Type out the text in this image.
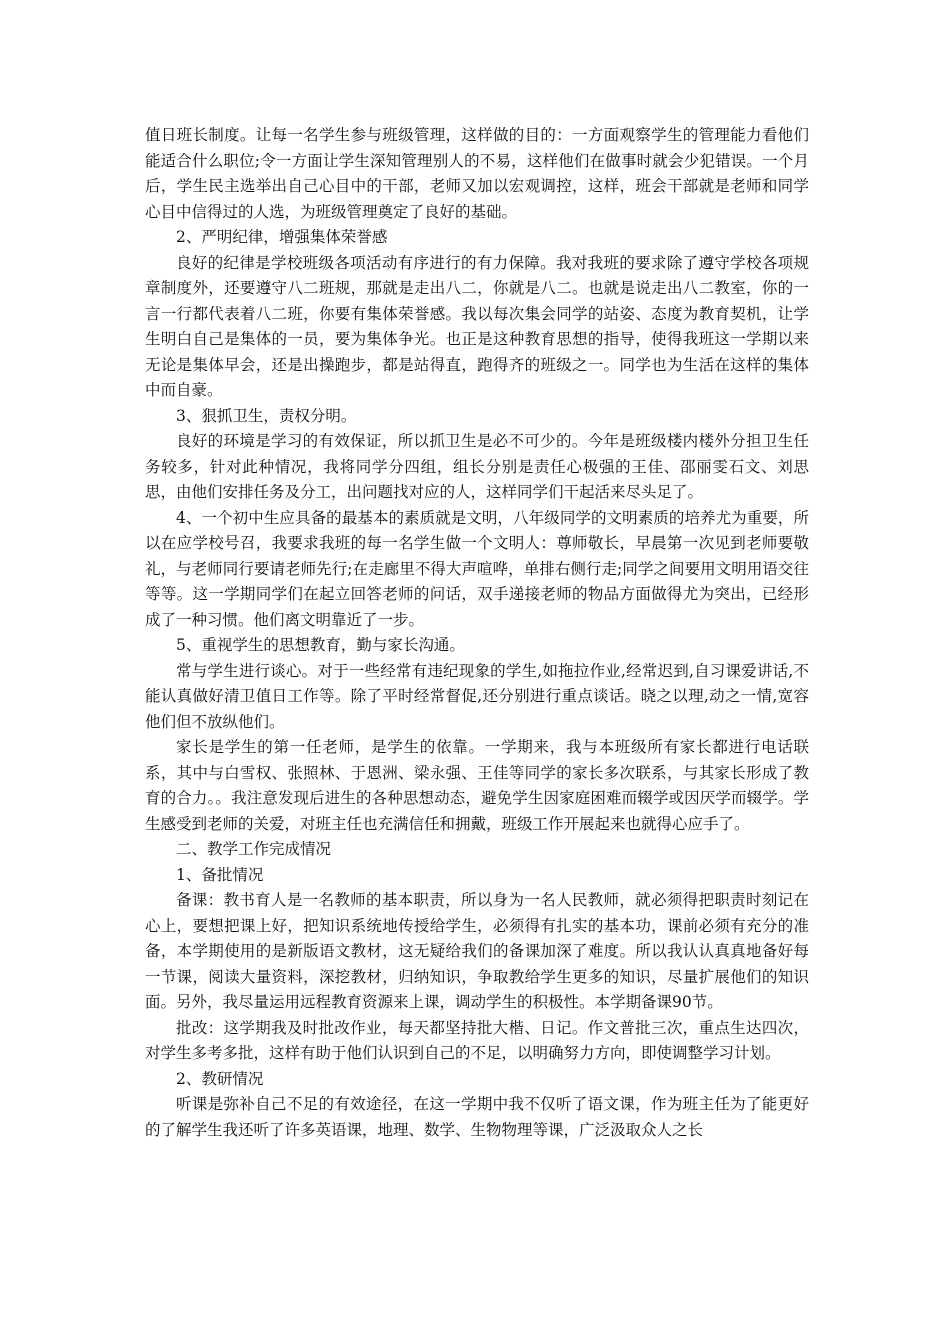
值日班长制度。让每一名学生参与班级管理，这样做的目的：一方面观察学生的管理能力看他们能适合什么职位;令一方面让学生深知管理别人的不易，这样他们在做事时就会少犯错误。一个月后，学生民主选举出自己心目中的干部，老师又加以宏观调控，这样，班会干部就是老师和同学心目中信得过的人选，为班级管理奠定了良好的基础。

2、严明纪律，增强集体荣誉感

良好的纪律是学校班级各项活动有序进行的有力保障。我对我班的要求除了遵守学校各项规章制度外，还要遵守八二班规，那就是走出八二，你就是八二。也就是说走出八二教室，你的一言一行都代表着八二班，你要有集体荣誉感。我以每次集会同学的站姿、态度为教育契机，让学生明白自己是集体的一员，要为集体争光。也正是这种教育思想的指导，使得我班这一学期以来无论是集体早会，还是出操跑步，都是站得直，跑得齐的班级之一。同学也为生活在这样的集体中而自豪。

3、狠抓卫生，责权分明。

良好的环境是学习的有效保证，所以抓卫生是必不可少的。今年是班级楼内楼外分担卫生任务较多，针对此种情况，我将同学分四组，组长分别是责任心极强的王佳、邵丽雯石文、刘思思，由他们安排任务及分工，出问题找对应的人，这样同学们干起活来尽头足了。

4、一个初中生应具备的最基本的素质就是文明，八年级同学的文明素质的培养尤为重要，所以在应学校号召，我要求我班的每一名学生做一个文明人：尊师敬长，早晨第一次见到老师要敬礼，与老师同行要请老师先行;在走廊里不得大声喧哗，单排右侧行走;同学之间要用文明用语交往等等。这一学期同学们在起立回答老师的问话，双手递接老师的物品方面做得尤为突出，已经形成了一种习惯。他们离文明靠近了一步。

5、重视学生的思想教育，勤与家长沟通。

常与学生进行谈心。对于一些经常有违纪现象的学生,如拖拉作业,经常迟到,自习课爱讲话,不能认真做好清卫值日工作等。除了平时经常督促,还分别进行重点谈话。晓之以理,动之一情,宽容他们但不放纵他们。

家长是学生的第一任老师，是学生的依靠。一学期来，我与本班级所有家长都进行电话联系，其中与白雪权、张照林、于恩洲、梁永强、王佳等同学的家长多次联系，与其家长形成了教育的合力。。我注意发现后进生的各种思想动态，避免学生因家庭困难而辍学或因厌学而辍学。学生感受到老师的关爱，对班主任也充满信任和拥戴，班级工作开展起来也就得心应手了。

二、教学工作完成情况

1、备批情况

备课：教书育人是一名教师的基本职责，所以身为一名人民教师，就必须得把职责时刻记在心上，要想把课上好，把知识系统地传授给学生，必须得有扎实的基本功，课前必须有充分的准备，本学期使用的是新版语文教材，这无疑给我们的备课加深了难度。所以我认认真真地备好每一节课，阅读大量资料，深挖教材，归纳知识，争取教给学生更多的知识，尽量扩展他们的知识面。另外，我尽量运用远程教育资源来上课，调动学生的积极性。本学期备课90节。

批改：这学期我及时批改作业，每天都坚持批大楷、日记。作文普批三次，重点生达四次，对学生多考多批，这样有助于他们认识到自己的不足，以明确努力方向，即使调整学习计划。

2、教研情况

听课是弥补自己不足的有效途径，在这一学期中我不仅听了语文课，作为班主任为了能更好的了解学生我还听了许多英语课，地理、数学、生物物理等课，广泛汲取众人之长
